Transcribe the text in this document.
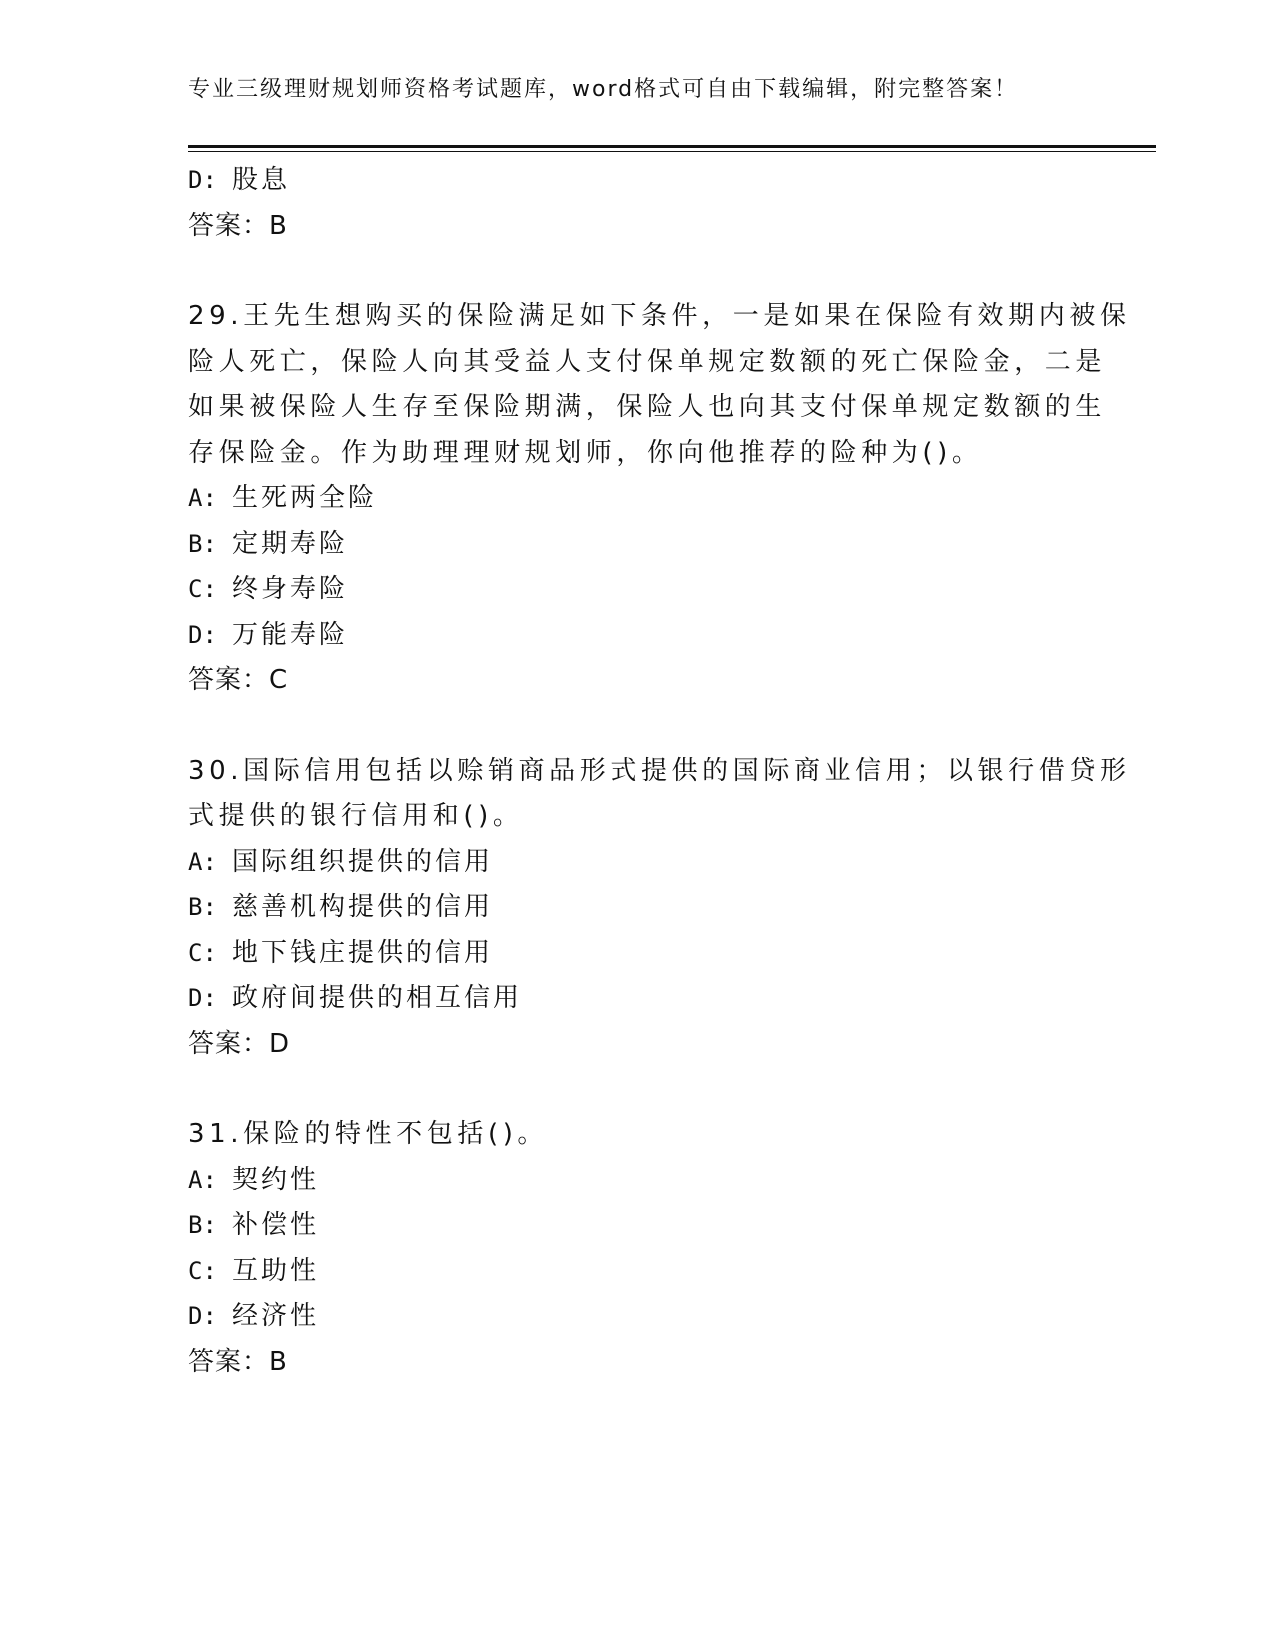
专业三级理财规划师资格考试题库，word格式可自由下载编辑，附完整答案！
D: 股息
答案：B
29.王先生想购买的保险满足如下条件，一是如果在保险有效期内被保
险人死亡，保险人向其受益人支付保单规定数额的死亡保险金，二是
如果被保险人生存至保险期满，保险人也向其支付保单规定数额的生
存保险金。作为助理理财规划师，你向他推荐的险种为()。
A: 生死两全险
B: 定期寿险
C: 终身寿险
D: 万能寿险
答案：C
30.国际信用包括以赊销商品形式提供的国际商业信用；以银行借贷形
式提供的银行信用和()。
A: 国际组织提供的信用
B: 慈善机构提供的信用
C: 地下钱庄提供的信用
D: 政府间提供的相互信用
答案：D
31.保险的特性不包括()。
A: 契约性
B: 补偿性
C: 互助性
D: 经济性
答案：B
